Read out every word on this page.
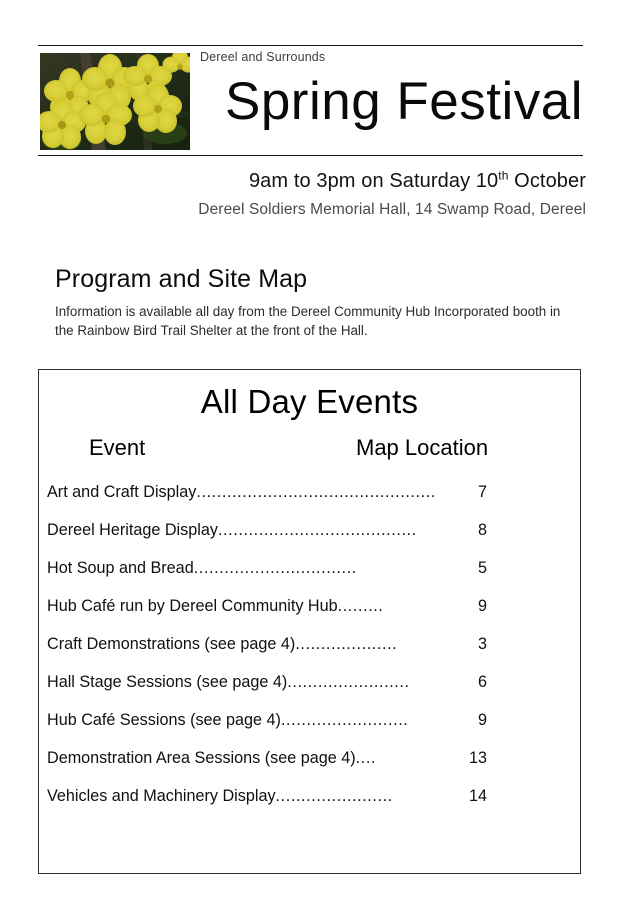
Dereel and Surrounds
Spring Festival
9am to 3pm on Saturday 10th October
Dereel Soldiers Memorial Hall, 14 Swamp Road, Dereel
Program and Site Map
Information is available all day from the Dereel Community Hub Incorporated booth in the Rainbow Bird Trail Shelter at the front of the Hall.
All Day Events
Event	Map Location
Art and Craft Display ...............................................	7
Dereel Heritage Display .......................................	8
Hot Soup and Bread ................................	5
Hub Café run by Dereel Community Hub .........	9
Craft Demonstrations (see page 4) ....................	3
Hall Stage Sessions (see page 4) ........................	6
Hub Café Sessions (see page 4) .........................	9
Demonstration Area Sessions (see page 4) ....	13
Vehicles and Machinery Display .......................	14
